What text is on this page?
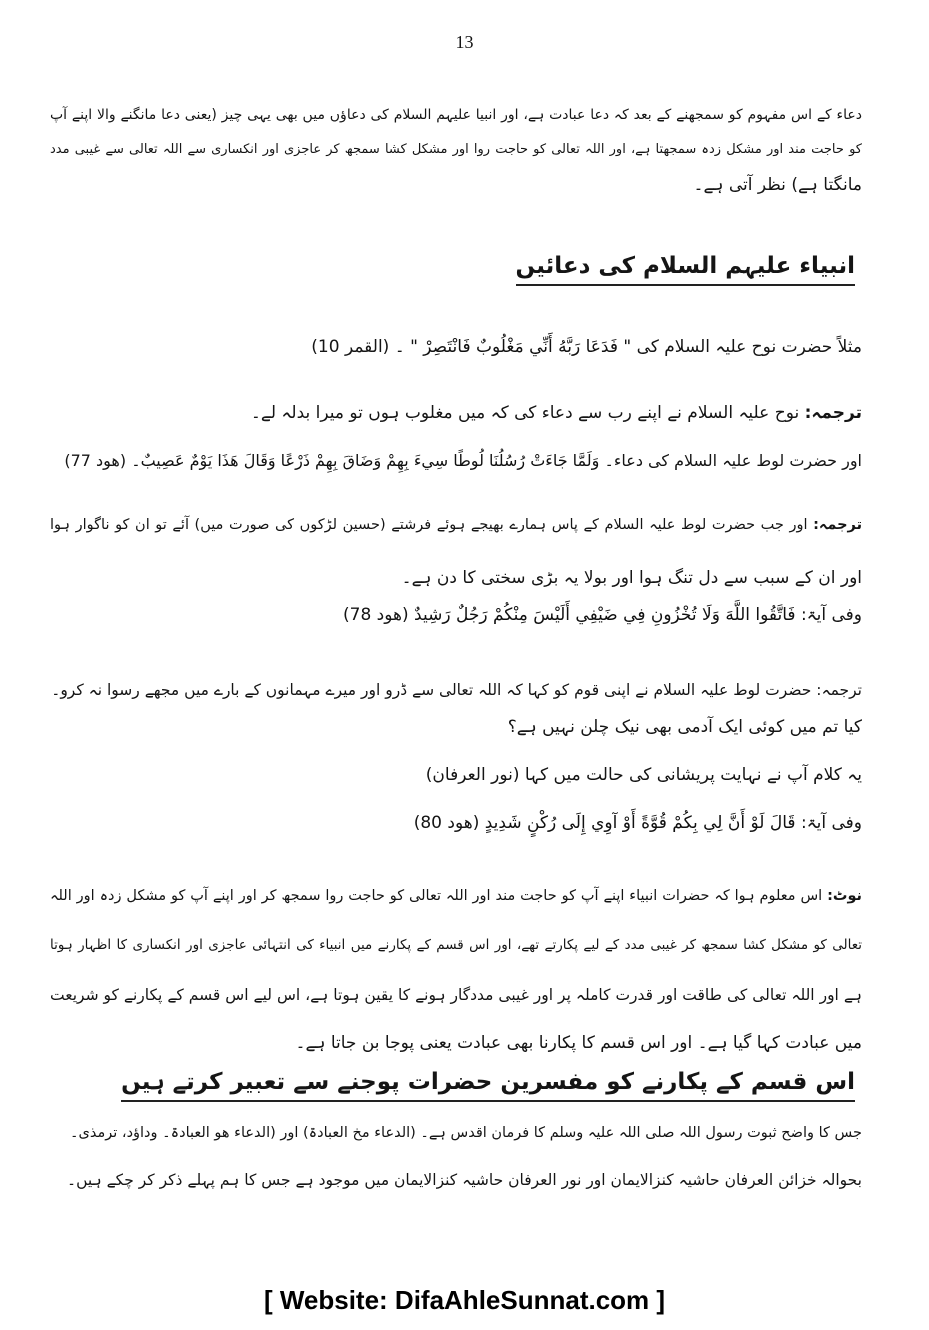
13
دعاء کے اس مفہوم کو سمجھنے کے بعد کہ دعا عبادت ہے، اور انبیا علیہم السلام کی دعاؤں میں بھی یہی چیز (یعنی دعا مانگنے والا اپنے آپ
کو حاجت مند اور مشکل زدہ سمجھتا ہے، اور اللہ تعالی کو حاجت روا اور مشکل کشا سمجھ کر عاجزی اور انکساری سے اللہ تعالی سے غیبی مدد
مانگتا ہے) نظر آتی ہے۔
انبیاء علیہم السلام کی دعائیں
مثلاً حضرت نوح علیہ السلام کی " فَدَعَا رَبَّهُ أَنِّي مَغْلُوبٌ فَانْتَصِرْ " ۔ (القمر 10)
ترجمہ: نوح علیہ السلام نے اپنے رب سے دعاء کی کہ میں مغلوب ہوں تو میرا بدلہ لے۔
اور حضرت لوط علیہ السلام کی دعاء۔ وَلَمَّا جَاءَتْ رُسُلُنَا لُوطًا سِيءَ بِهِمْ وَضَاقَ بِهِمْ ذَرْعًا وَقَالَ هَذَا يَوْمٌ عَصِيبٌ۔ (ھود 77)
ترجمہ: اور جب حضرت لوط علیہ السلام کے پاس ہمارے بھیجے ہوئے فرشتے (حسین لڑکوں کی صورت میں) آئے تو ان کو ناگوار ہوا
اور ان کے سبب سے دل تنگ ہوا اور بولا یہ بڑی سختی کا دن ہے۔
وفی آیۃ: فَاتَّقُوا اللَّهَ وَلَا تُخْزُونِ فِي ضَيْفِي أَلَيْسَ مِنْكُمْ رَجُلٌ رَشِيدٌ (ھود 78)
ترجمہ: حضرت لوط علیہ السلام نے اپنی قوم کو کہا کہ اللہ تعالی سے ڈرو اور میرے مہمانوں کے بارے میں مجھے رسوا نہ کرو۔
کیا تم میں کوئی ایک آدمی بھی نیک چلن نہیں ہے؟
یہ کلام آپ نے نہایت پریشانی کی حالت میں کہا (نور العرفان)
وفی آیۃ: قَالَ لَوْ أَنَّ لِي بِكُمْ قُوَّةً أَوْ آوِي إِلَى رُكْنٍ شَدِيدٍ (ھود 80)
نوٹ: اس معلوم ہوا کہ حضرات انبیاء اپنے آپ کو حاجت مند اور اللہ تعالی کو حاجت روا سمجھ کر اور اپنے آپ کو مشکل زدہ اور اللہ
تعالی کو مشکل کشا سمجھ کر غیبی مدد کے لیے پکارتے تھے، اور اس قسم کے پکارنے میں انبیاء کی انتہائی عاجزی اور انکساری کا اظہار ہوتا
ہے اور اللہ تعالی کی طاقت اور قدرت کاملہ پر اور غیبی مددگار ہونے کا یقین ہوتا ہے، اس لیے اس قسم کے پکارنے کو شریعت
میں عبادت کہا گیا ہے۔ اور اس قسم کا پکارنا بھی عبادت یعنی پوجا بن جاتا ہے۔
اس قسم کے پکارنے کو مفسرین حضرات پوجنے سے تعبیر کرتے ہیں
جس کا واضح ثبوت رسول اللہ صلی اللہ علیہ وسلم کا فرمان اقدس ہے۔ (الدعاء مخ العبادۃ) اور (الدعاء ھو العبادۃ۔ وداؤد، ترمذی۔
بحوالہ خزائن العرفان حاشیہ کنزالایمان اور نور العرفان حاشیہ کنزالایمان میں موجود ہے جس کا ہم پہلے ذکر کر چکے ہیں۔
[ Website: DifaAhleSunnat.com ]
